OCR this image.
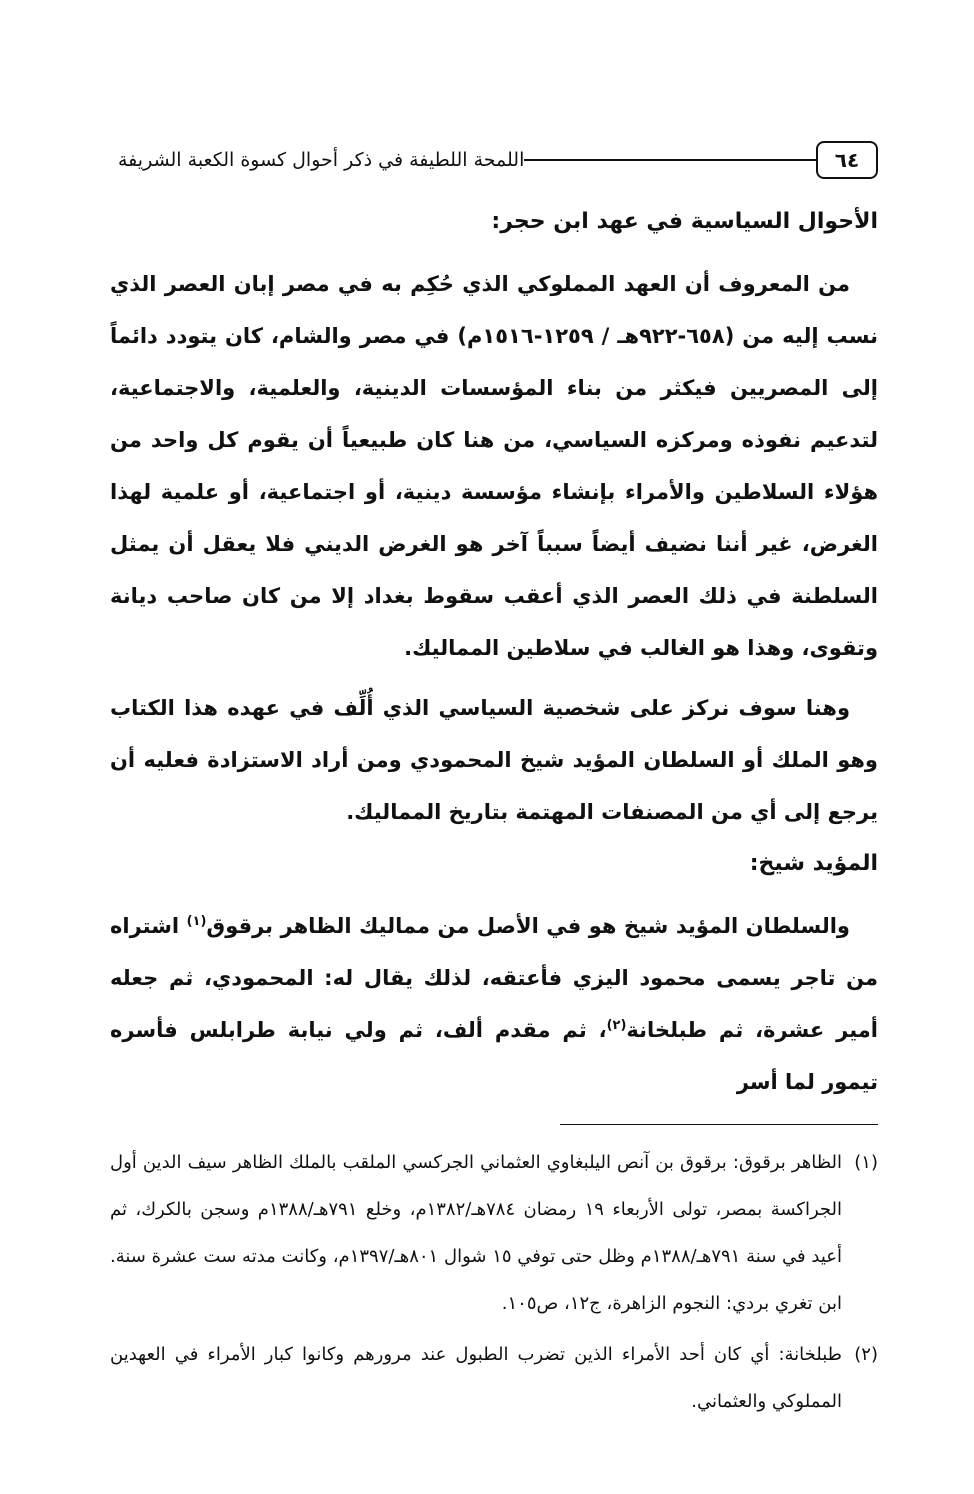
٦٤
اللمحة اللطيفة في ذكر أحوال كسوة الكعبة الشريفة
الأحوال السياسية في عهد ابن حجر:

من المعروف أن العهد المملوكي الذي حُكِم به في مصر إبان العصر الذي نسب إليه من (٦٥٨-٩٢٢هـ / ١٢٥٩-١٥١٦م) في مصر والشام، كان يتودد دائماً إلى المصريين فيكثر من بناء المؤسسات الدينية، والعلمية، والاجتماعية، لتدعيم نفوذه ومركزه السياسي، من هنا كان طبيعياً أن يقوم كل واحد من هؤلاء السلاطين والأمراء بإنشاء مؤسسة دينية، أو اجتماعية، أو علمية لهذا الغرض، غير أننا نضيف أيضاً سبباً آخر هو الغرض الديني فلا يعقل أن يمثل السلطنة في ذلك العصر الذي أعقب سقوط بغداد إلا من كان صاحب ديانة وتقوى، وهذا هو الغالب في سلاطين المماليك.

وهنا سوف نركز على شخصية السياسي الذي أُلِّف في عهده هذا الكتاب وهو الملك أو السلطان المؤيد شيخ المحمودي ومن أراد الاستزادة فعليه أن يرجع إلى أي من المصنفات المهتمة بتاريخ المماليك.

المؤيد شيخ:

والسلطان المؤيد شيخ هو في الأصل من مماليك الظاهر برقوق$^{(١)}$ اشتراه من تاجر يسمى محمود اليزي فأعتقه، لذلك يقال له: المحمودي، ثم جعله أمير عشرة، ثم طبلخانة$^{(٢)}$، ثم مقدم ألف، ثم ولي نيابة طرابلس فأسره تيمور لما أسر

(١)
الظاهر برقوق: برقوق بن آنص اليلبغاوي العثماني الجركسي الملقب بالملك الظاهر سيف الدين أول الجراكسة بمصر، تولى الأربعاء ١٩ رمضان ٧٨٤هـ/١٣٨٢م، وخلع ٧٩١هـ/١٣٨٨م وسجن بالكرك، ثم أعيد في سنة ٧٩١هـ/١٣٨٨م وظل حتى توفي ١٥ شوال ٨٠١هـ/١٣٩٧م، وكانت مدته ست عشرة سنة. ابن تغري بردي: النجوم الزاهرة، ج١٢، ص١٠٥.

(٢)
طبلخانة: أي كان أحد الأمراء الذين تضرب الطبول عند مرورهم وكانوا كبار الأمراء في العهدين المملوكي والعثماني.
